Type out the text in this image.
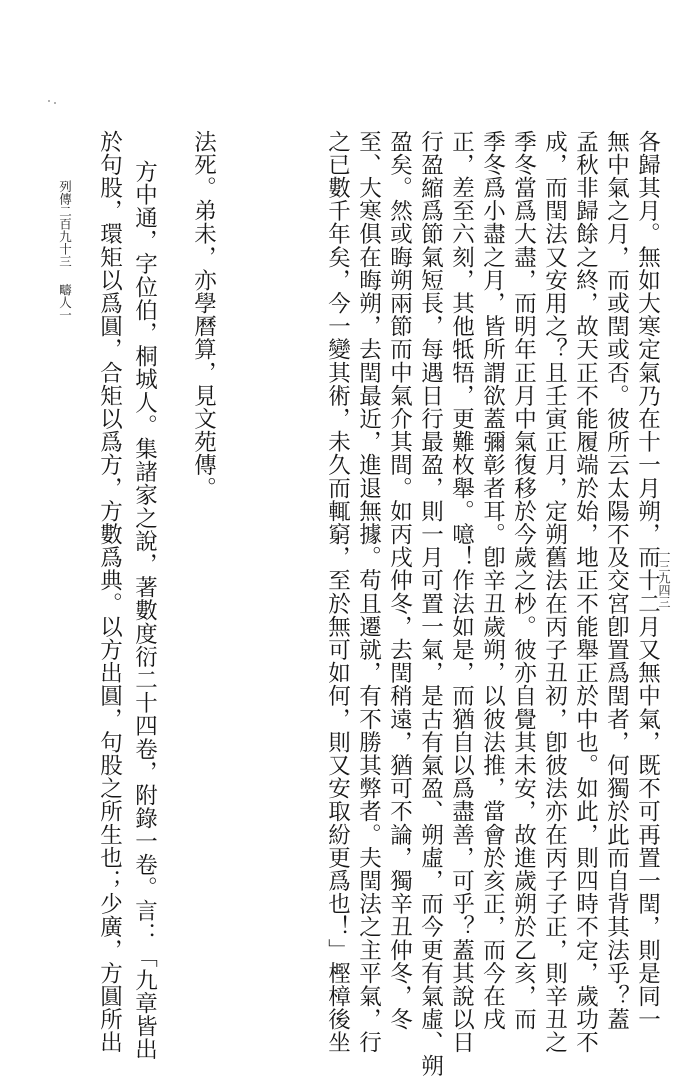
各歸其月。無如大寒定氣乃在十一月朔，而十二月又無中氣，既不可再置一閏，則是同一
無中氣之月，而或閏或否。彼所云太陽不及交宮卽置爲閏者，何獨於此而自背其法乎？蓋
孟秋非歸餘之終，故天正不能履端於始，地正不能舉正於中也。如此，則四時不定，歲功不
成，而閏法又安用之？且壬寅正月，定朔舊法在丙子丑初，卽彼法亦在丙子子正，則辛丑之
季冬當爲大盡，而明年正月中氣復移於今歲之杪。彼亦自覺其未安，故進歲朔於乙亥，而
季冬爲小盡之月，皆所謂欲蓋彌彰者耳。卽辛丑歲朔，以彼法推，當會於亥正，而今在戌
正，差至六刻，其他牴牾，更難枚舉。噫！作法如是，而猶自以爲盡善，可乎？蓋其說以日
行盈縮爲節氣短長，每遇日行最盈，則一月可置一氣，是古有氣盈、朔虛，而今更有氣虛、朔
盈矣。然或晦朔兩節而中氣介其間。如丙戌仲冬，去閏稍遠，猶可不論，獨辛丑仲冬，冬
至、大寒俱在晦朔，去閏最近，進退無據。苟且遷就，有不勝其弊者。夫閏法之主平氣，行
之已數千年矣，今一變其術，未久而輒窮，至於無可如何，則又安取紛更爲也！」樫樟後坐
法死。弟未，亦學曆算，見文苑傳。
方中通，字位伯，桐城人。集諸家之說，著數度衍二十四卷，附錄一卷。言：「九章皆出
於句股，環矩以爲圓，合矩以爲方，方數爲典。以方出圓，句股之所生也；少廣，方圓所出
列傳二百九十三疇人一
一三九四三
